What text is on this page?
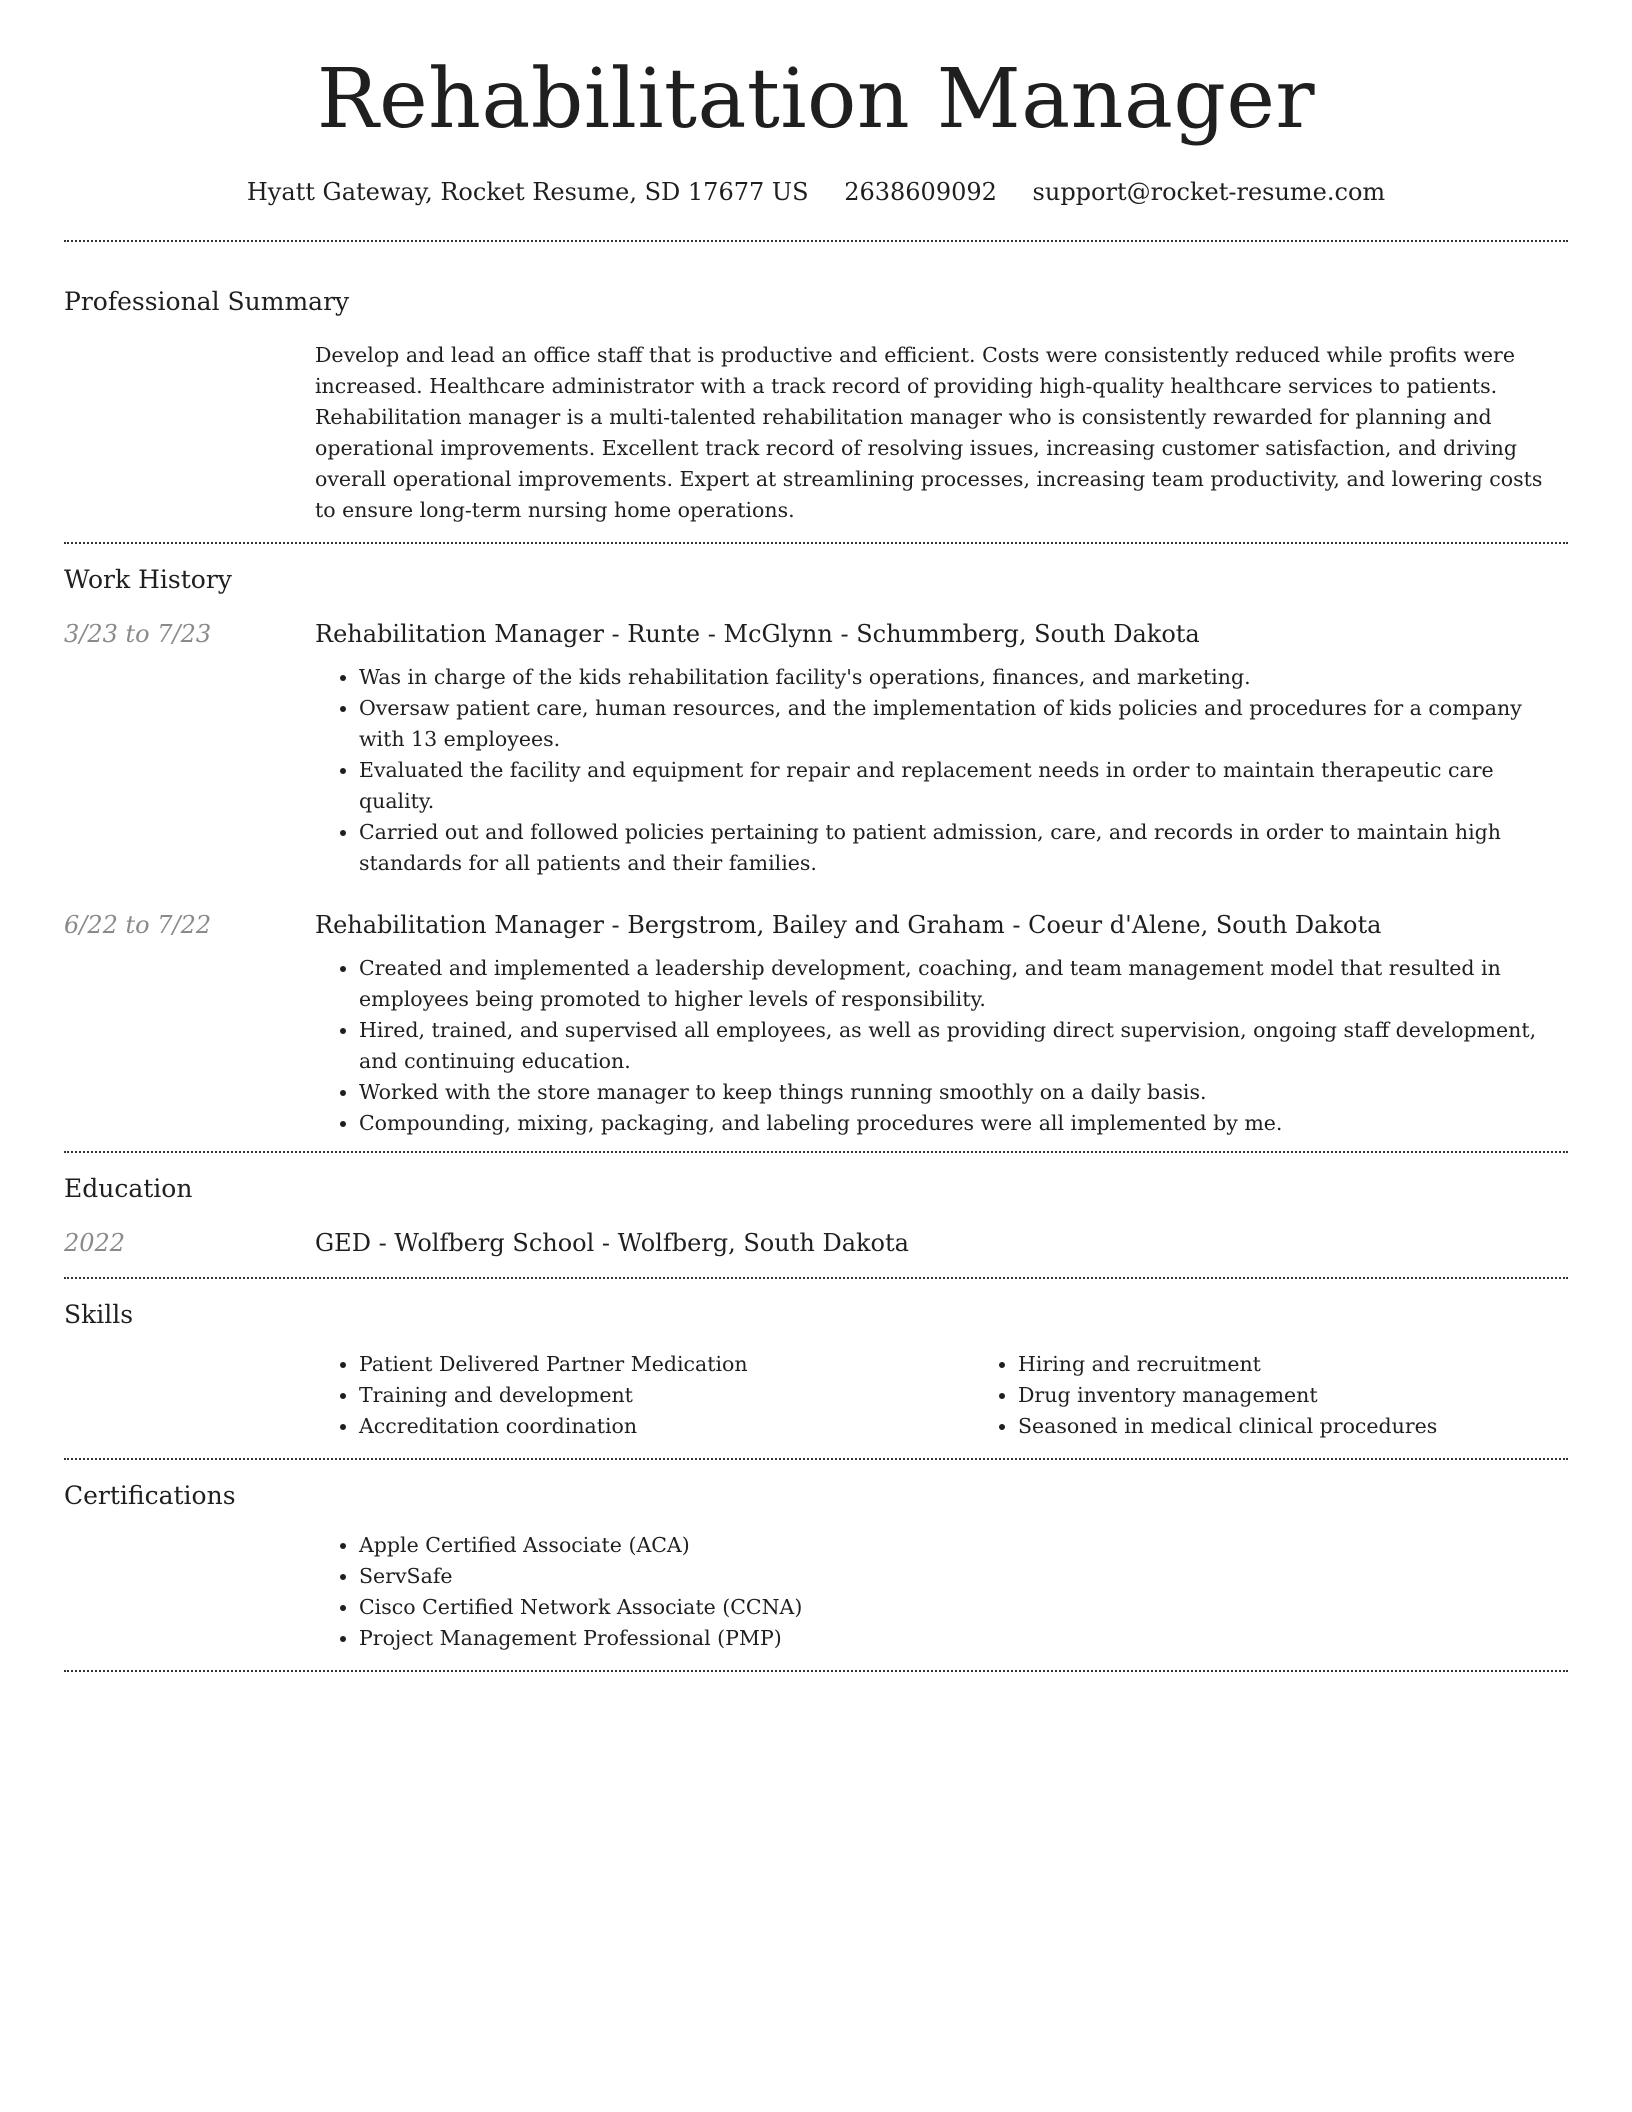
Rehabilitation Manager
Hyatt Gateway, Rocket Resume, SD 17677 US 2638609092 support@rocket-resume.com
Professional Summary

Develop and lead an office staff that is productive and efficient. Costs were consistently reduced while profits were increased. Healthcare administrator with a track record of providing high-quality healthcare services to patients. Rehabilitation manager is a multi-talented rehabilitation manager who is consistently rewarded for planning and operational improvements. Excellent track record of resolving issues, increasing customer satisfaction, and driving overall operational improvements. Expert at streamlining processes, increasing team productivity, and lowering costs to ensure long-term nursing home operations.

Work History
3/23 to 7/23	Rehabilitation Manager - Runte - McGlynn - Schummberg, South Dakota
• Was in charge of the kids rehabilitation facility's operations, finances, and marketing.
• Oversaw patient care, human resources, and the implementation of kids policies and procedures for a company with 13 employees.
• Evaluated the facility and equipment for repair and replacement needs in order to maintain therapeutic care quality.
• Carried out and followed policies pertaining to patient admission, care, and records in order to maintain high standards for all patients and their families.
6/22 to 7/22	Rehabilitation Manager - Bergstrom, Bailey and Graham - Coeur d'Alene, South Dakota
• Created and implemented a leadership development, coaching, and team management model that resulted in employees being promoted to higher levels of responsibility.
• Hired, trained, and supervised all employees, as well as providing direct supervision, ongoing staff development, and continuing education.
• Worked with the store manager to keep things running smoothly on a daily basis.
• Compounding, mixing, packaging, and labeling procedures were all implemented by me.
Education
2022	GED - Wolfberg School - Wolfberg, South Dakota
Skills
• Patient Delivered Partner Medication
• Training and development
• Accreditation coordination
• Hiring and recruitment
• Drug inventory management
• Seasoned in medical clinical procedures
Certifications
• Apple Certified Associate (ACA)
• ServSafe
• Cisco Certified Network Associate (CCNA)
• Project Management Professional (PMP)
